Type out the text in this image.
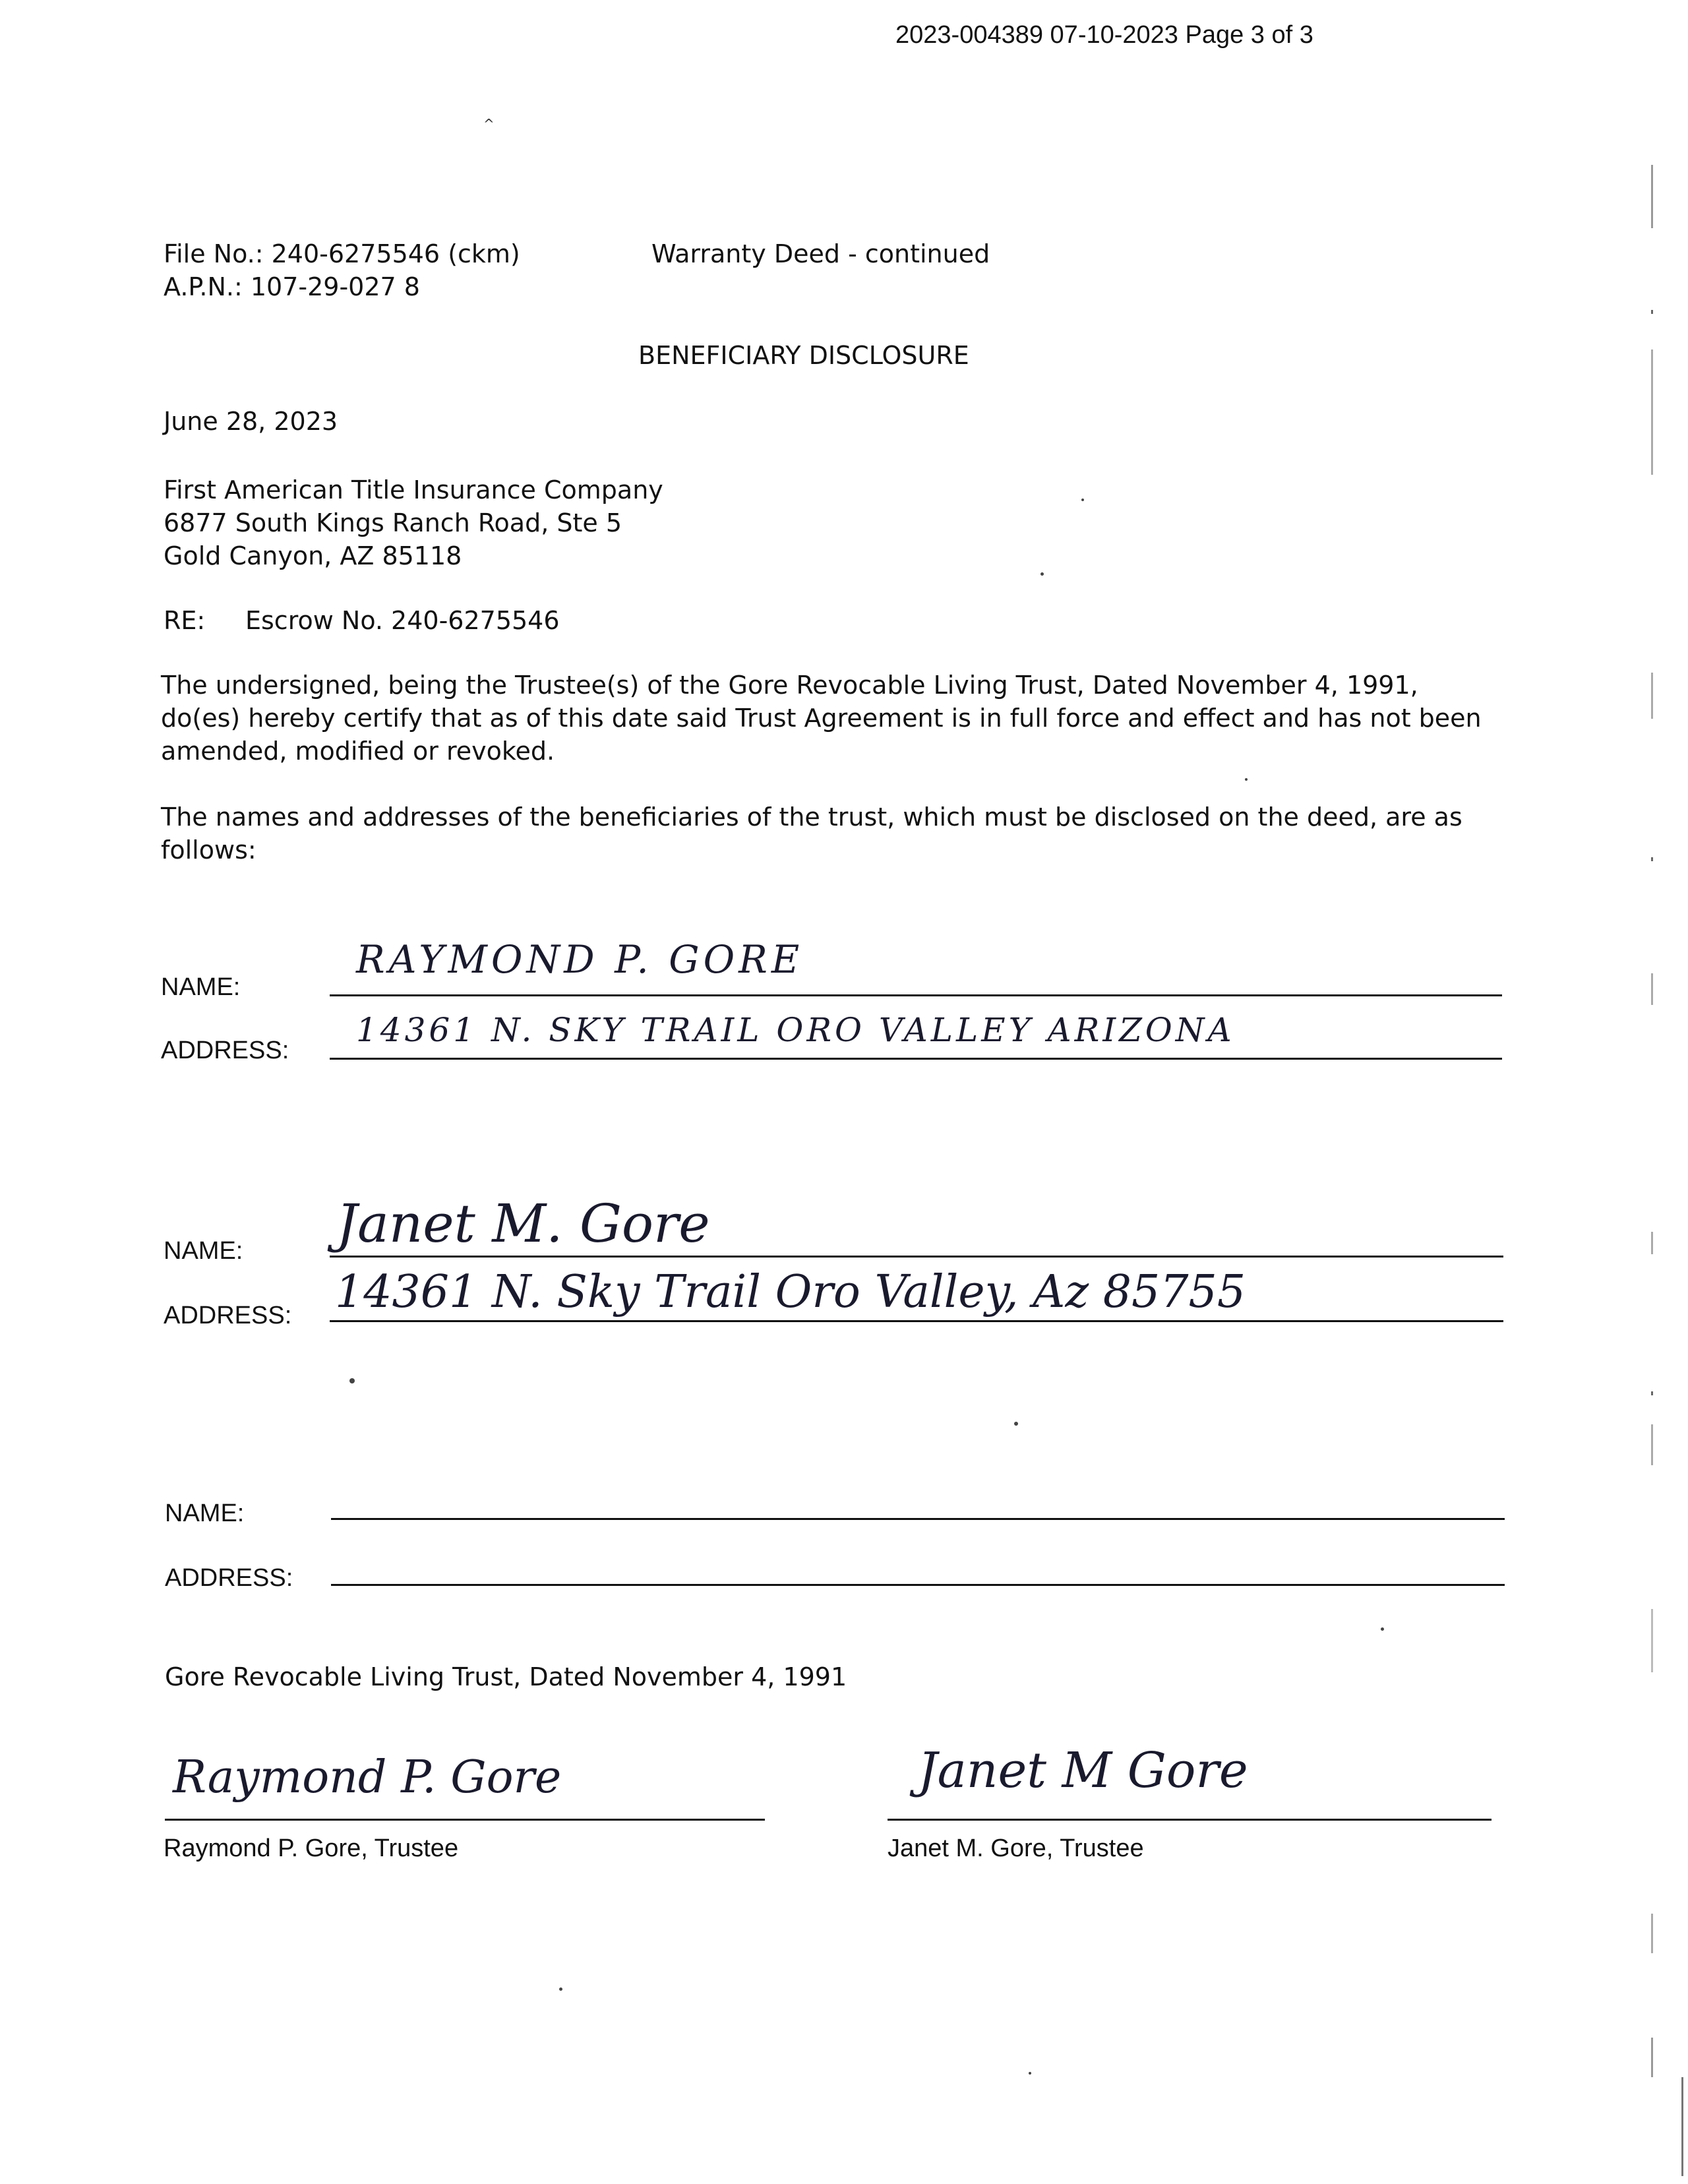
2023-004389 07-10-2023 Page 3 of 3
^
File No.: 240-6275546 (ckm)
A.P.N.: 107-29-027 8
Warranty Deed - continued
BENEFICIARY DISCLOSURE
June 28, 2023
First American Title Insurance Company
6877 South Kings Ranch Road, Ste 5
Gold Canyon, AZ 85118
RE: Escrow No. 240-6275546
The undersigned, being the Trustee(s) of the Gore Revocable Living Trust, Dated November 4, 1991, do(es) hereby certify that as of this date said Trust Agreement is in full force and effect and has not been amended, modified or revoked.
The names and addresses of the beneficiaries of the trust, which must be disclosed on the deed, are as follows:
NAME:
RAYMOND P. GORE
ADDRESS:
14361 N. SKY TRAIL ORO VALLEY ARIZONA
NAME: Janet M. Gore
ADDRESS: 14361 N. Sky Trail Oro Valley, Az 85755
NAME:
ADDRESS:
Gore Revocable Living Trust, Dated November 4, 1991
Raymond P. Gore
Raymond P. Gore, Trustee
Janet M Gore
Janet M. Gore, Trustee
